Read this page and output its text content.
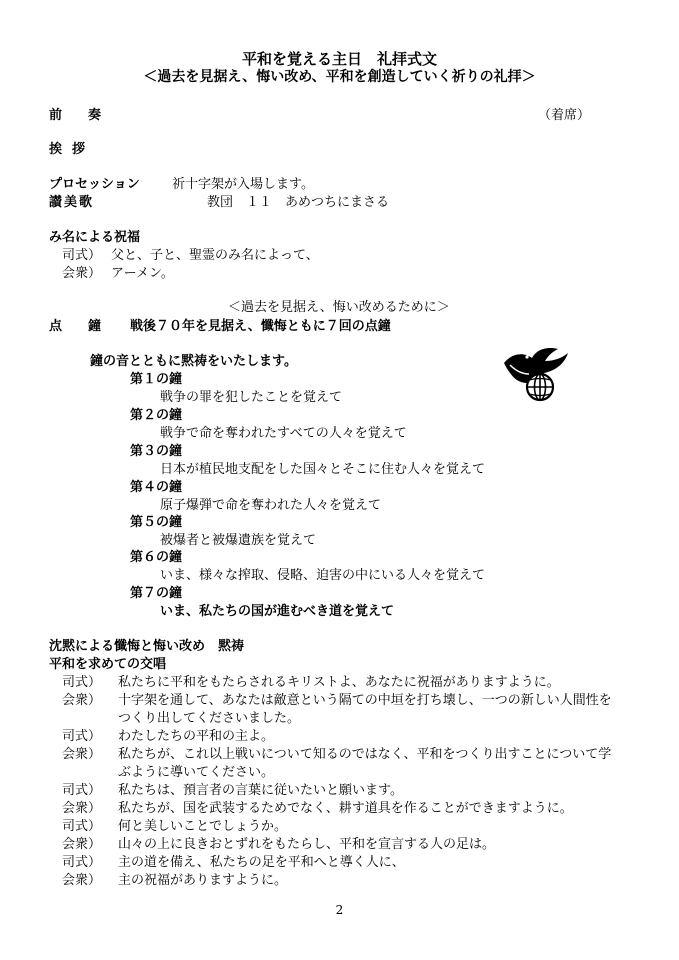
平和を覚える主日　礼拝式文
＜過去を見据え、悔い改め、平和を創造していく祈りの礼拝＞
前奏	（着席）
挨拶
プロセッション 祈十字架が入場します。
讃美歌	教団　１１　あめつちにまさる
み名による祝福
司式） 父と、子と、聖霊のみ名によって、
会衆） アーメン。
＜過去を見据え、悔い改めるために＞
点鐘 戦後７０年を見据え、懺悔ともに７回の点鐘
鐘の音とともに黙祷をいたします。
第１の鐘
戦争の罪を犯したことを覚えて
第２の鐘
戦争で命を奪われたすべての人々を覚えて
第３の鐘
日本が植民地支配をした国々とそこに住む人々を覚えて
第４の鐘
原子爆弾で命を奪われた人々を覚えて
第５の鐘
被爆者と被爆遺族を覚えて
第６の鐘
いま、様々な搾取、侵略、迫害の中にいる人々を覚えて
第７の鐘
いま、私たちの国が進むべき道を覚えて
沈黙による懺悔と悔い改め　黙祷
平和を求めての交唱
司式） 私たちに平和をもたらされるキリストよ、あなたに祝福がありますように。
会衆） 十字架を通して、あなたは敵意という隔ての中垣を打ち壊し、一つの新しい人間性を
つくり出してくださいました。
司式） わたしたちの平和の主よ。
会衆） 私たちが、これ以上戦いについて知るのではなく、平和をつくり出すことについて学
ぶように導いてください。
司式） 私たちは、預言者の言葉に従いたいと願います。
会衆） 私たちが、国を武装するためでなく、耕す道具を作ることができますように。
司式） 何と美しいことでしょうか。
会衆） 山々の上に良きおとずれをもたらし、平和を宣言する人の足は。
司式） 主の道を備え、私たちの足を平和へと導く人に、
会衆） 主の祝福がありますように。
2
